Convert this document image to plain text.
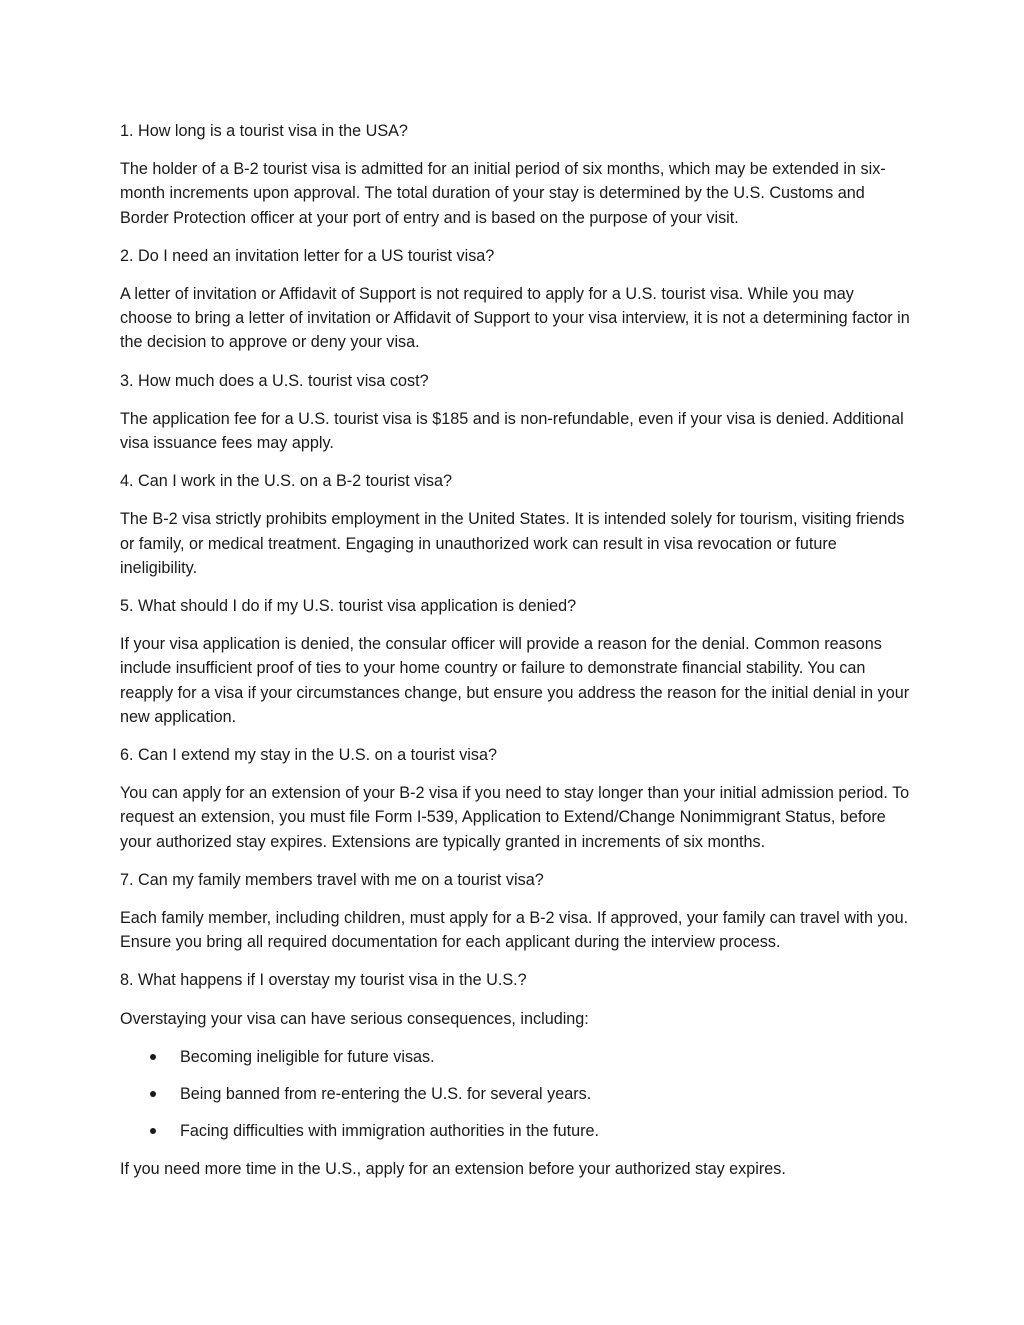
1. How long is a tourist visa in the USA?

The holder of a B-2 tourist visa is admitted for an initial period of six months, which may be extended in six-month increments upon approval. The total duration of your stay is determined by the U.S. Customs and Border Protection officer at your port of entry and is based on the purpose of your visit.

2. Do I need an invitation letter for a US tourist visa?

A letter of invitation or Affidavit of Support is not required to apply for a U.S. tourist visa. While you may choose to bring a letter of invitation or Affidavit of Support to your visa interview, it is not a determining factor in the decision to approve or deny your visa.

3. How much does a U.S. tourist visa cost?

The application fee for a U.S. tourist visa is $185 and is non-refundable, even if your visa is denied. Additional visa issuance fees may apply.

4. Can I work in the U.S. on a B-2 tourist visa?

The B-2 visa strictly prohibits employment in the United States. It is intended solely for tourism, visiting friends or family, or medical treatment. Engaging in unauthorized work can result in visa revocation or future ineligibility.

5. What should I do if my U.S. tourist visa application is denied?

If your visa application is denied, the consular officer will provide a reason for the denial. Common reasons include insufficient proof of ties to your home country or failure to demonstrate financial stability. You can reapply for a visa if your circumstances change, but ensure you address the reason for the initial denial in your new application.

6. Can I extend my stay in the U.S. on a tourist visa?

You can apply for an extension of your B-2 visa if you need to stay longer than your initial admission period. To request an extension, you must file Form I-539, Application to Extend/Change Nonimmigrant Status, before your authorized stay expires. Extensions are typically granted in increments of six months.

7. Can my family members travel with me on a tourist visa?

Each family member, including children, must apply for a B-2 visa. If approved, your family can travel with you. Ensure you bring all required documentation for each applicant during the interview process.

8. What happens if I overstay my tourist visa in the U.S.?

Overstaying your visa can have serious consequences, including:

Becoming ineligible for future visas.
Being banned from re-entering the U.S. for several years.
Facing difficulties with immigration authorities in the future.

If you need more time in the U.S., apply for an extension before your authorized stay expires.
